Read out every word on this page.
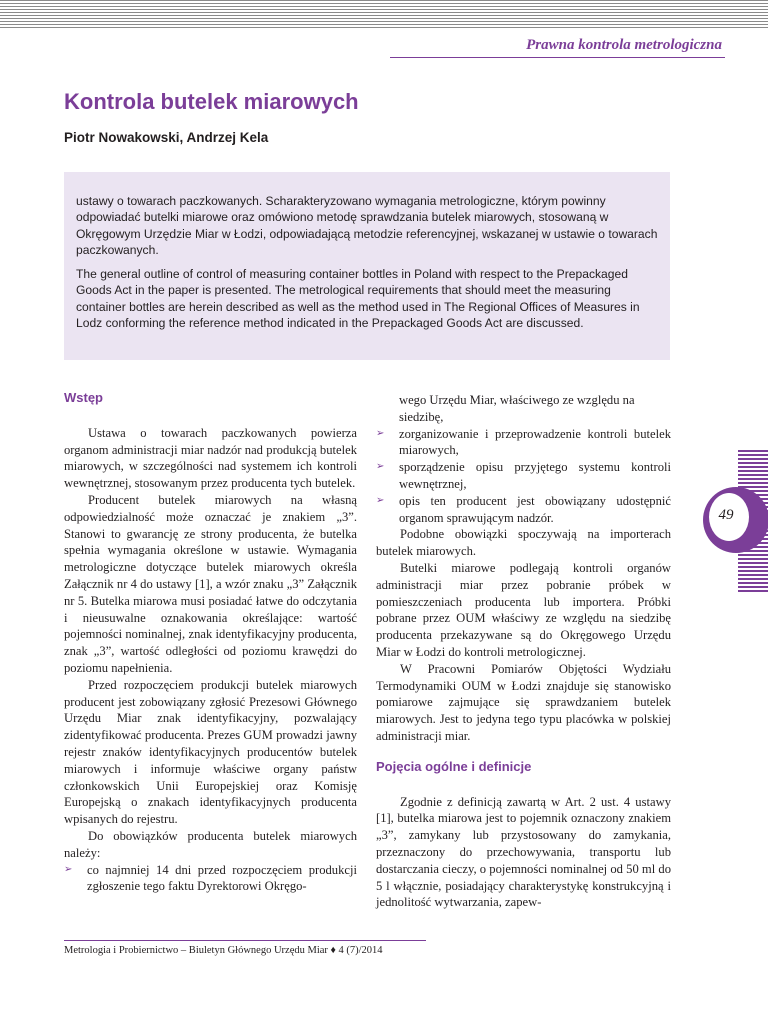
Prawna kontrola metrologiczna
Kontrola butelek miarowych
Piotr Nowakowski, Andrzej Kela

ustawy o towarach paczkowanych. Scharakteryzowano wymagania metrologiczne, którym powinny odpowiadać butelki miarowe oraz omówiono metodę sprawdzania butelek miarowych, stosowaną w Okręgowym Urzędzie Miar w Łodzi, odpowiadającą metodzie referencyjnej, wskazanej w ustawie o towarach paczkowanych.

The general outline of control of measuring container bottles in Poland with respect to the Prepackaged Goods Act in the paper is presented. The metrological requirements that should meet the measuring container bottles are herein described as well as the method used in The Regional Offices of Measures in Lodz conforming the reference method indicated in the Prepackaged Goods Act are discussed.

Wstęp

Ustawa o towarach paczkowanych powierza organom administracji miar nadzór nad produkcją butelek miarowych, w szczególności nad systemem ich kontroli wewnętrznej, stosowanym przez producenta tych butelek.

Producent butelek miarowych na własną odpowiedzialność może oznaczać je znakiem „3”. Stanowi to gwarancję ze strony producenta, że butelka spełnia wymagania określone w ustawie. Wymagania metrologiczne dotyczące butelek miarowych określa Załącznik nr 4 do ustawy [1], a wzór znaku „3” Załącznik nr 5. Butelka miarowa musi posiadać łatwe do odczytania i nieusuwalne oznakowania określające: wartość pojemności nominalnej, znak identyfikacyjny producenta, znak „3”, wartość odległości od poziomu krawędzi do poziomu napełnienia.

Przed rozpoczęciem produkcji butelek miarowych producent jest zobowiązany zgłosić Prezesowi Głównego Urzędu Miar znak identyfikacyjny, pozwalający zidentyfikować producenta. Prezes GUM prowadzi jawny rejestr znaków identyfikacyjnych producentów butelek miarowych i informuje właściwe organy państw członkowskich Unii Europejskiej oraz Komisję Europejską o znakach identyfikacyjnych producenta wpisanych do rejestru.

Do obowiązków producenta butelek miarowych należy:

➢ co najmniej 14 dni przed rozpoczęciem produkcji zgłoszenie tego faktu Dyrektorowi Okręgo-
wego Urzędu Miar, właściwego ze względu na siedzibę,
➢ zorganizowanie i przeprowadzenie kontroli butelek miarowych,
➢ sporządzenie opisu przyjętego systemu kontroli wewnętrznej,
➢ opis ten producent jest obowiązany udostępnić organom sprawującym nadzór.

Podobne obowiązki spoczywają na importerach butelek miarowych.

Butelki miarowe podlegają kontroli organów administracji miar przez pobranie próbek w pomieszczeniach producenta lub importera. Próbki pobrane przez OUM właściwy ze względu na siedzibę producenta przekazywane są do Okręgowego Urzędu Miar w Łodzi do kontroli metrologicznej.

W Pracowni Pomiarów Objętości Wydziału Termodynamiki OUM w Łodzi znajduje się stanowisko pomiarowe zajmujące się sprawdzaniem butelek miarowych. Jest to jedyna tego typu placówka w polskiej administracji miar.

Pojęcia ogólne i definicje

Zgodnie z definicją zawartą w Art. 2 ust. 4 ustawy [1], butelka miarowa jest to pojemnik oznaczony znakiem „3”, zamykany lub przystosowany do zamykania, przeznaczony do przechowywania, transportu lub dostarczania cieczy, o pojemności nominalnej od 50 ml do 5 l włącznie, posiadający charakterystykę konstrukcyjną i jednolitość wytwarzania, zapew-

49
Metrologia i Probiernictwo – Biuletyn Głównego Urzędu Miar ♦ 4 (7)/2014
